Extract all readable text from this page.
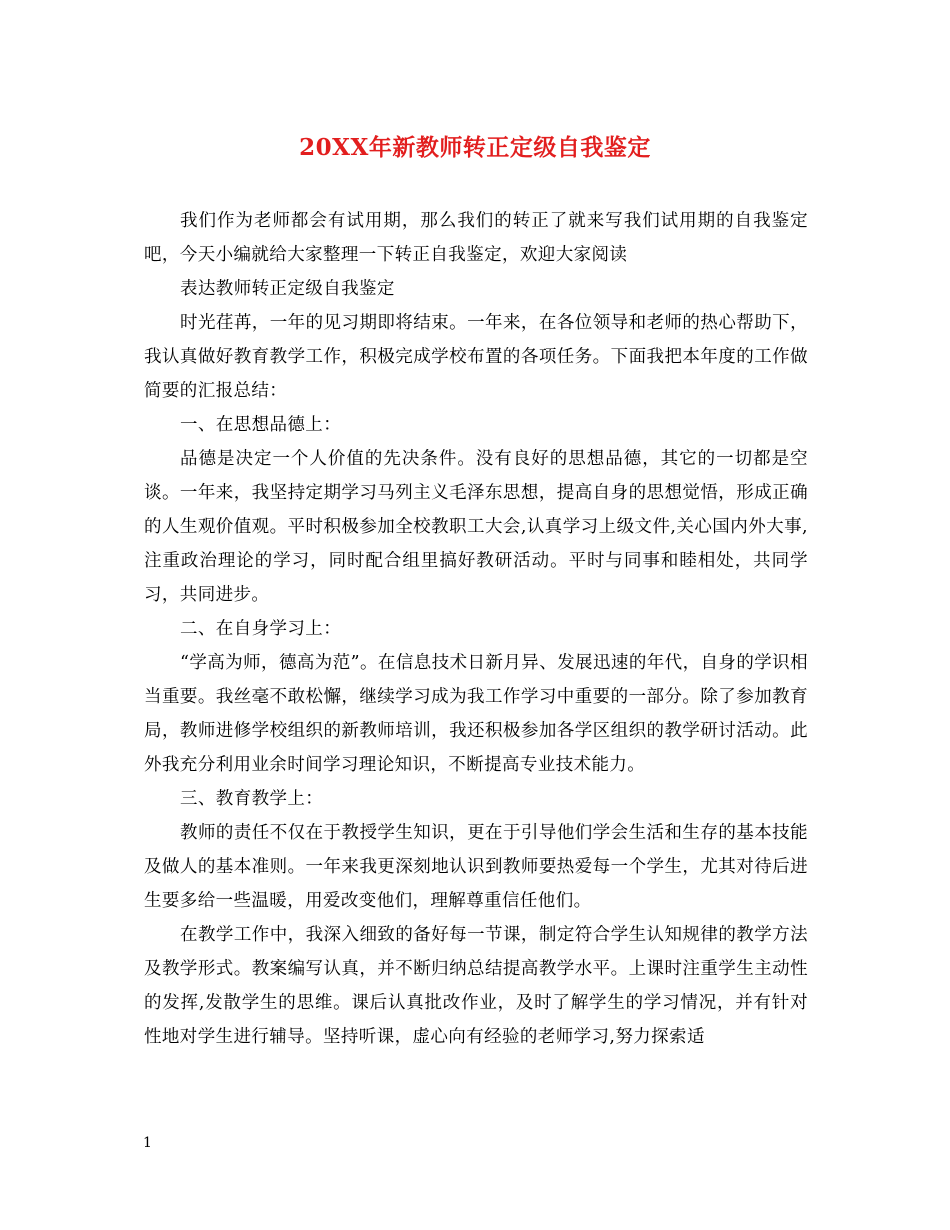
20XX年新教师转正定级自我鉴定

我们作为老师都会有试用期，那么我们的转正了就来写我们试用期的自我鉴定吧，今天小编就给大家整理一下转正自我鉴定，欢迎大家阅读

表达教师转正定级自我鉴定

时光荏苒，一年的见习期即将结束。一年来，在各位领导和老师的热心帮助下，我认真做好教育教学工作，积极完成学校布置的各项任务。下面我把本年度的工作做简要的汇报总结：

一、在思想品德上：

品德是决定一个人价值的先决条件。没有良好的思想品德，其它的一切都是空谈。一年来，我坚持定期学习马列主义毛泽东思想，提高自身的思想觉悟，形成正确的人生观价值观。平时积极参加全校教职工大会,认真学习上级文件,关心国内外大事,注重政治理论的学习，同时配合组里搞好教研活动。平时与同事和睦相处，共同学习，共同进步。

二、在自身学习上：

“学高为师，德高为范”。在信息技术日新月异、发展迅速的年代，自身的学识相当重要。我丝毫不敢松懈，继续学习成为我工作学习中重要的一部分。除了参加教育局，教师进修学校组织的新教师培训，我还积极参加各学区组织的教学研讨活动。此外我充分利用业余时间学习理论知识，不断提高专业技术能力。

三、教育教学上：

教师的责任不仅在于教授学生知识，更在于引导他们学会生活和生存的基本技能及做人的基本准则。一年来我更深刻地认识到教师要热爱每一个学生，尤其对待后进生要多给一些温暖，用爱改变他们，理解尊重信任他们。

在教学工作中，我深入细致的备好每一节课，制定符合学生认知规律的教学方法及教学形式。教案编写认真，并不断归纳总结提高教学水平。上课时注重学生主动性的发挥,发散学生的思维。课后认真批改作业，及时了解学生的学习情况，并有针对性地对学生进行辅导。坚持听课，虚心向有经验的老师学习,努力探索适

1
